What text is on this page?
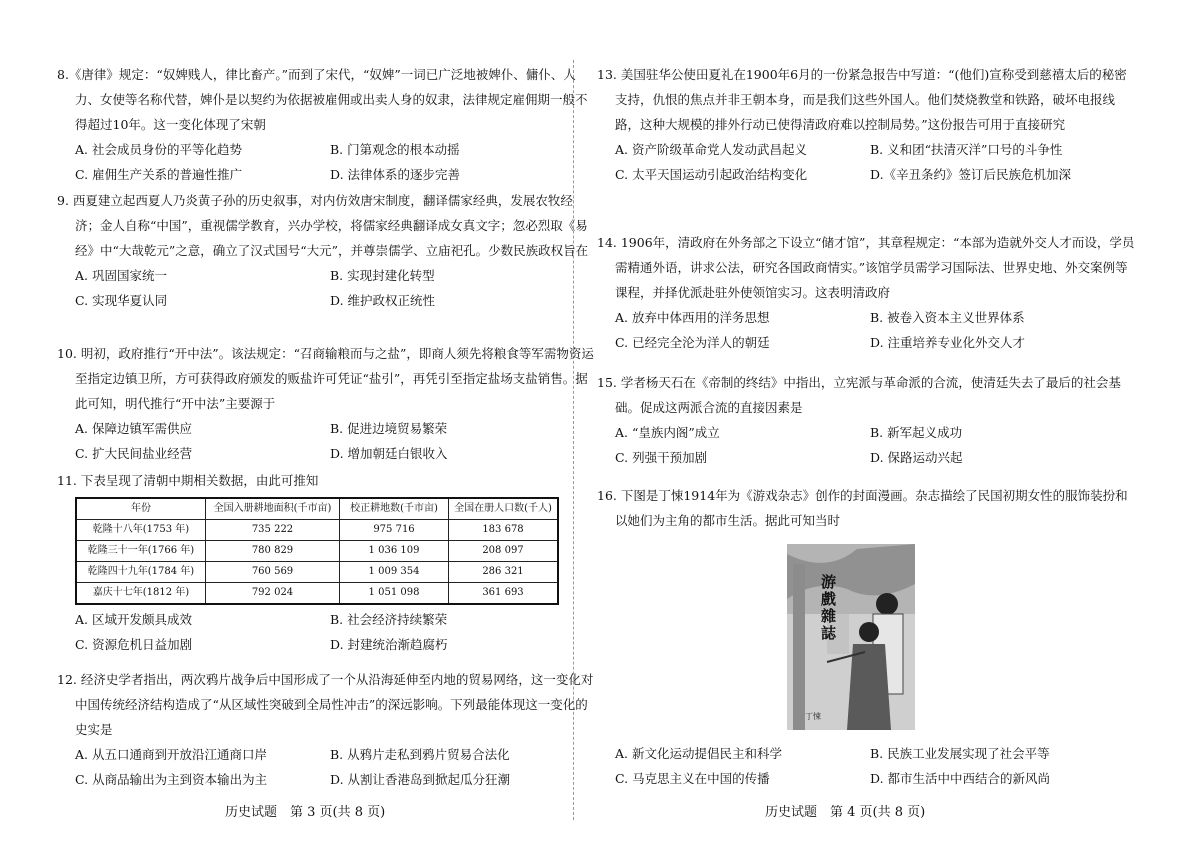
8.《唐律》规定：“奴婢贱人，律比畜产。”而到了宋代，“奴婢”一词已广泛地被婢仆、傭仆、人力、女使等名称代替，婢仆是以契约为依据被雇佣或出卖人身的奴隶，法律规定雇佣期一般不得超过10年。这一变化体现了宋朝

A. 社会成员身份的平等化趋势	B. 门第观念的根本动摇
C. 雇佣生产关系的普遍性推广	D. 法律体系的逐步完善

9. 西夏建立起西夏人乃炎黄子孙的历史叙事，对内仿效唐宋制度，翻译儒家经典，发展农牧经济；金人自称“中国”，重视儒学教育，兴办学校，将儒家经典翻译成女真文字；忽必烈取《易经》中“大哉乾元”之意，确立了汉式国号“大元”，并尊崇儒学、立庙祀孔。少数民族政权旨在

A. 巩固国家统一	B. 实现封建化转型
C. 实现华夏认同	D. 维护政权正统性

10. 明初，政府推行“开中法”。该法规定：“召商输粮而与之盐”，即商人须先将粮食等军需物资运至指定边镇卫所，方可获得政府颁发的贩盐许可凭证“盐引”，再凭引至指定盐场支盐销售。据此可知，明代推行“开中法”主要源于

A. 保障边镇军需供应	B. 促进边境贸易繁荣
C. 扩大民间盐业经营	D. 增加朝廷白银收入

11. 下表呈现了清朝中期相关数据，由此可推知

年份	全国入册耕地面积(千市亩)	校正耕地数(千市亩)	全国在册人口数(千人)
乾隆十八年(1753 年)	735 222	975 716	183 678
乾隆三十一年(1766 年)	780 829	1 036 109	208 097
乾隆四十九年(1784 年)	760 569	1 009 354	286 321
嘉庆十七年(1812 年)	792 024	1 051 098	361 693
A. 区域开发颇具成效	B. 社会经济持续繁荣
C. 资源危机日益加剧	D. 封建统治渐趋腐朽

12. 经济史学者指出，两次鸦片战争后中国形成了一个从沿海延伸至内地的贸易网络，这一变化对中国传统经济结构造成了“从区域性突破到全局性冲击”的深远影响。下列最能体现这一变化的史实是

A. 从五口通商到开放沿江通商口岸	B. 从鸦片走私到鸦片贸易合法化
C. 从商品输出为主到资本输出为主	D. 从割让香港岛到掀起瓜分狂潮
历史试题　第 3 页(共 8 页)

13. 美国驻华公使田夏礼在1900年6月的一份紧急报告中写道：“(他们)宣称受到慈禧太后的秘密支持，仇恨的焦点并非王朝本身，而是我们这些外国人。他们焚烧教堂和铁路，破坏电报线路，这种大规模的排外行动已使得清政府难以控制局势。”这份报告可用于直接研究

A. 资产阶级革命党人发动武昌起义	B. 义和团“扶清灭洋”口号的斗争性
C. 太平天国运动引起政治结构变化	D.《辛丑条约》签订后民族危机加深

14. 1906年，清政府在外务部之下设立“储才馆”，其章程规定：“本部为造就外交人才而设，学员需精通外语，讲求公法，研究各国政商情实。”该馆学员需学习国际法、世界史地、外交案例等课程，并择优派赴驻外使领馆实习。这表明清政府

A. 放弃中体西用的洋务思想	B. 被卷入资本主义世界体系
C. 已经完全沦为洋人的朝廷	D. 注重培养专业化外交人才

15. 学者杨天石在《帝制的终结》中指出，立宪派与革命派的合流，使清廷失去了最后的社会基础。促成这两派合流的直接因素是

A. “皇族内阁”成立	B. 新军起义成功
C. 列强干预加剧	D. 保路运动兴起

16. 下图是丁悚1914年为《游戏杂志》创作的封面漫画。杂志描绘了民国初期女性的服饰装扮和以她们为主角的都市生活。据此可知当时

丁悚
游戲雜誌
A. 新文化运动提倡民主和科学	B. 民族工业发展实现了社会平等
C. 马克思主义在中国的传播	D. 都市生活中中西结合的新风尚
历史试题　第 4 页(共 8 页)
